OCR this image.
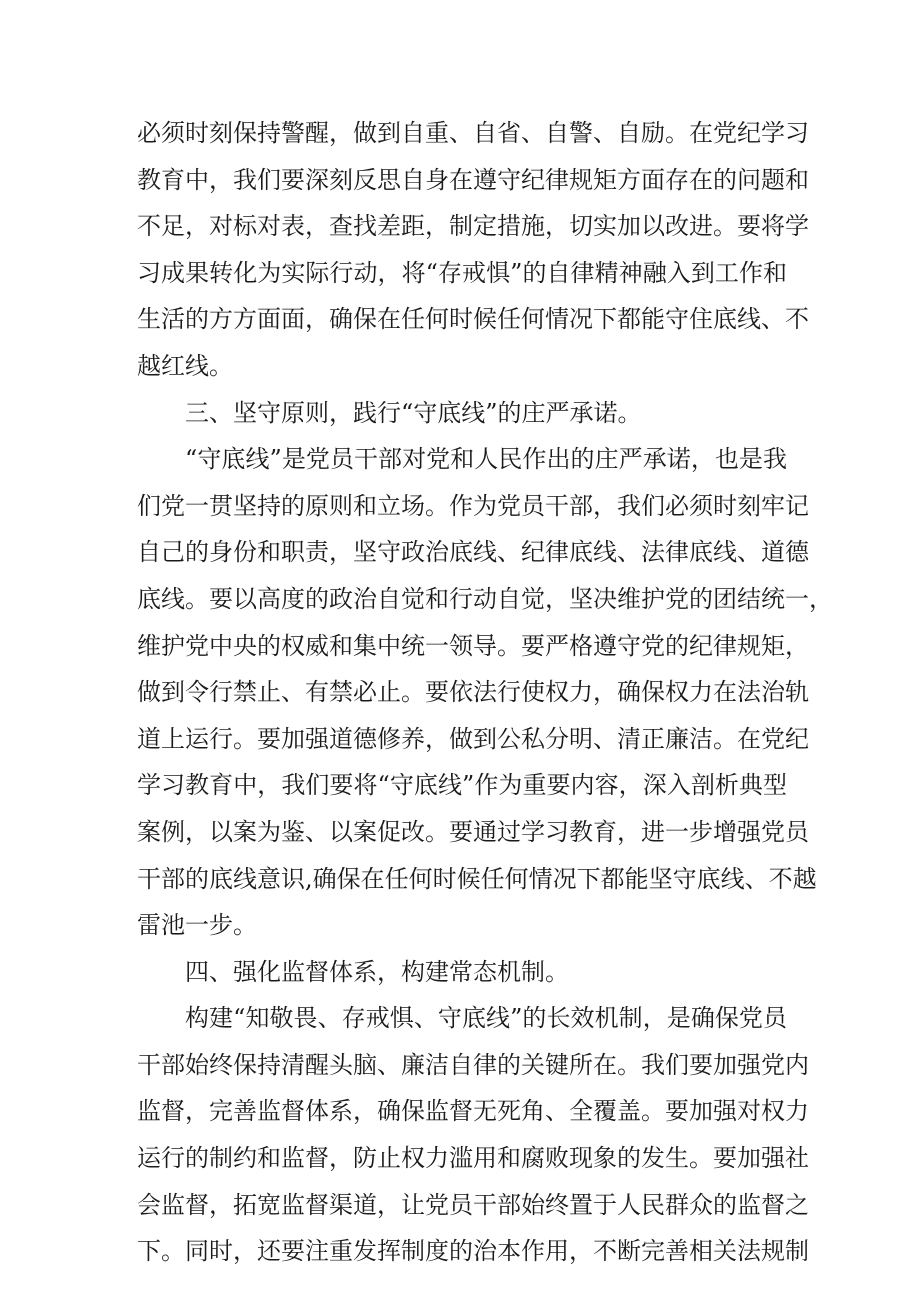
必须时刻保持警醒，做到自重、自省、自警、自励。在党纪学习
教育中，我们要深刻反思自身在遵守纪律规矩方面存在的问题和
不足，对标对表，查找差距，制定措施，切实加以改进。要将学
习成果转化为实际行动，将“存戒惧”的自律精神融入到工作和
生活的方方面面，确保在任何时候任何情况下都能守住底线、不
越红线。
三、坚守原则，践行“守底线”的庄严承诺。
“守底线”是党员干部对党和人民作出的庄严承诺，也是我
们党一贯坚持的原则和立场。作为党员干部，我们必须时刻牢记
自己的身份和职责，坚守政治底线、纪律底线、法律底线、道德
底线。要以高度的政治自觉和行动自觉，坚决维护党的团结统一，
维护党中央的权威和集中统一领导。要严格遵守党的纪律规矩，
做到令行禁止、有禁必止。要依法行使权力，确保权力在法治轨
道上运行。要加强道德修养，做到公私分明、清正廉洁。在党纪
学习教育中，我们要将“守底线”作为重要内容，深入剖析典型
案例，以案为鉴、以案促改。要通过学习教育，进一步增强党员
干部的底线意识,确保在任何时候任何情况下都能坚守底线、不越
雷池一步。
四、强化监督体系，构建常态机制。
构建“知敬畏、存戒惧、守底线”的长效机制，是确保党员
干部始终保持清醒头脑、廉洁自律的关键所在。我们要加强党内
监督，完善监督体系，确保监督无死角、全覆盖。要加强对权力
运行的制约和监督，防止权力滥用和腐败现象的发生。要加强社
会监督，拓宽监督渠道，让党员干部始终置于人民群众的监督之
下。同时，还要注重发挥制度的治本作用，不断完善相关法规制
